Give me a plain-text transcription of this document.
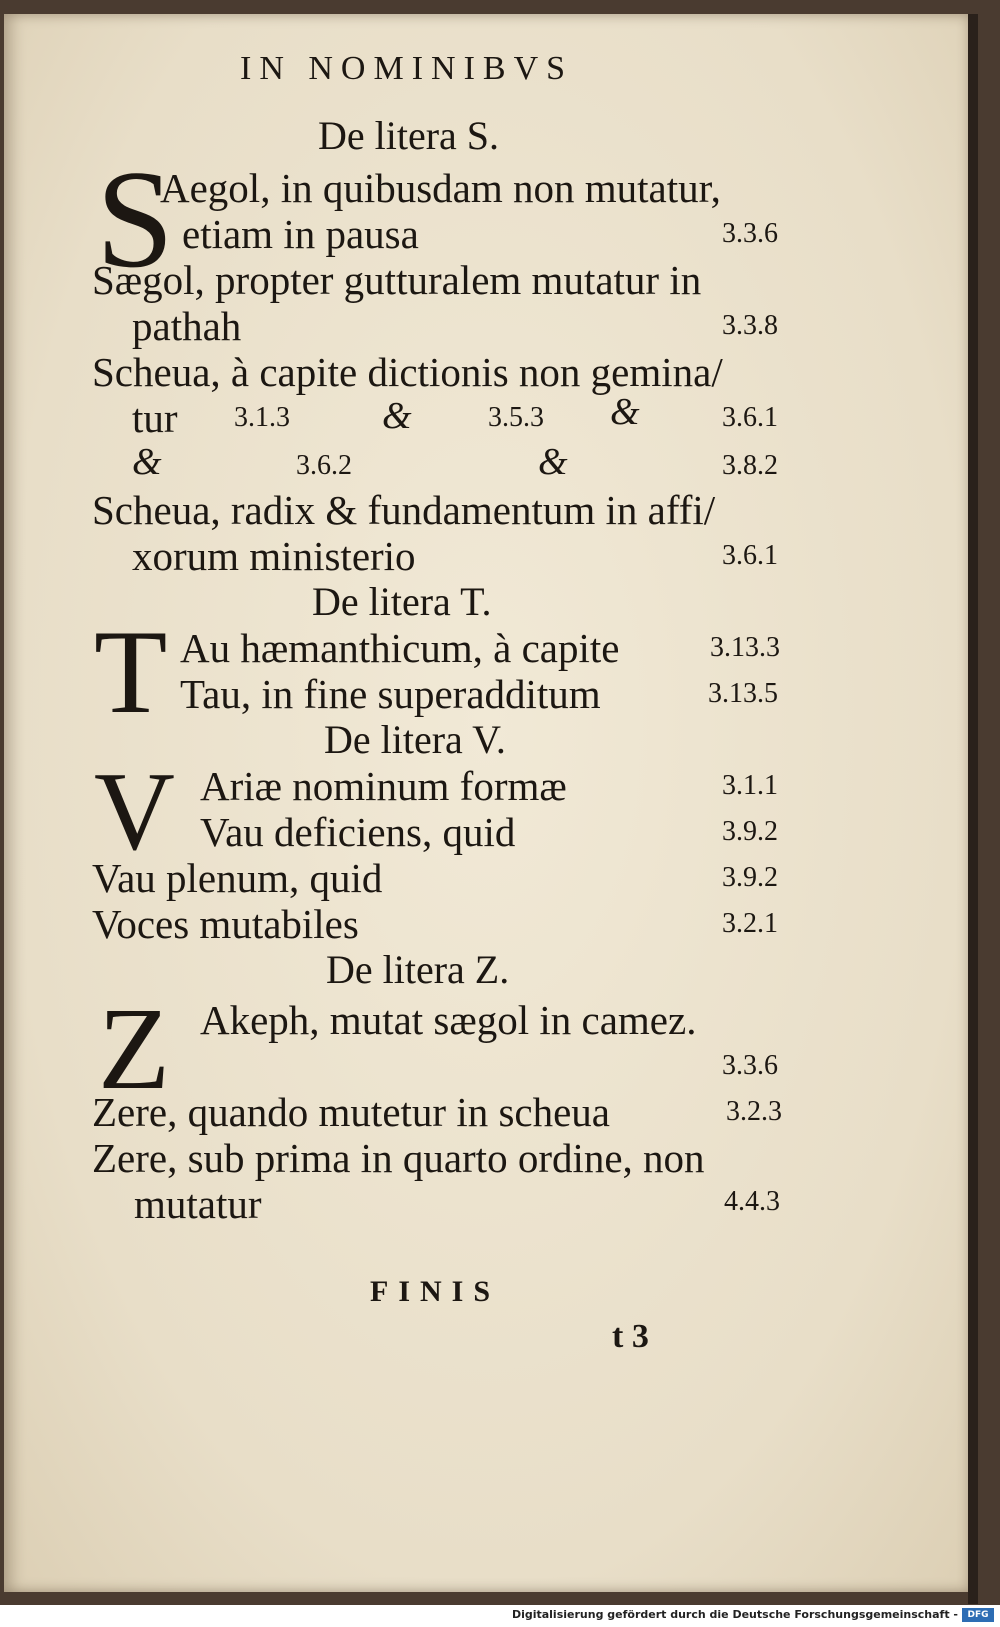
IN NOMINIBVS
De litera S.
S
Aegol, in quibusdam non mutatur,
etiam in pausa	3.3.6
Sægol, propter gutturalem mutatur in
pathah	3.3.8
Scheua, à capite dictionis non gemina/
tur	3.1.3 &	3.5.3 &	3.6.1
&	3.6.2	&	3.8.2
Scheua, radix & fundamentum in affi/
xorum ministerio	3.6.1
De litera T.
T Au hæmanthicum, à capite	3.13.3
Tau, in fine superadditum	3.13.5
De litera V.
V Ariæ nominum formæ	3.1.1
Vau deficiens, quid	3.9.2
Vau plenum, quid	3.9.2
Voces mutabiles	3.2.1
De litera Z.
Z Akeph, mutat sægol in camez.
3.3.6
Zere, quando mutetur in scheua	3.2.3
Zere, sub prima in quarto ordine, non
mutatur	4.4.3
FINIS
t 3
Digitalisierung gefördert durch die Deutsche Forschungsgemeinschaft -	DFG
